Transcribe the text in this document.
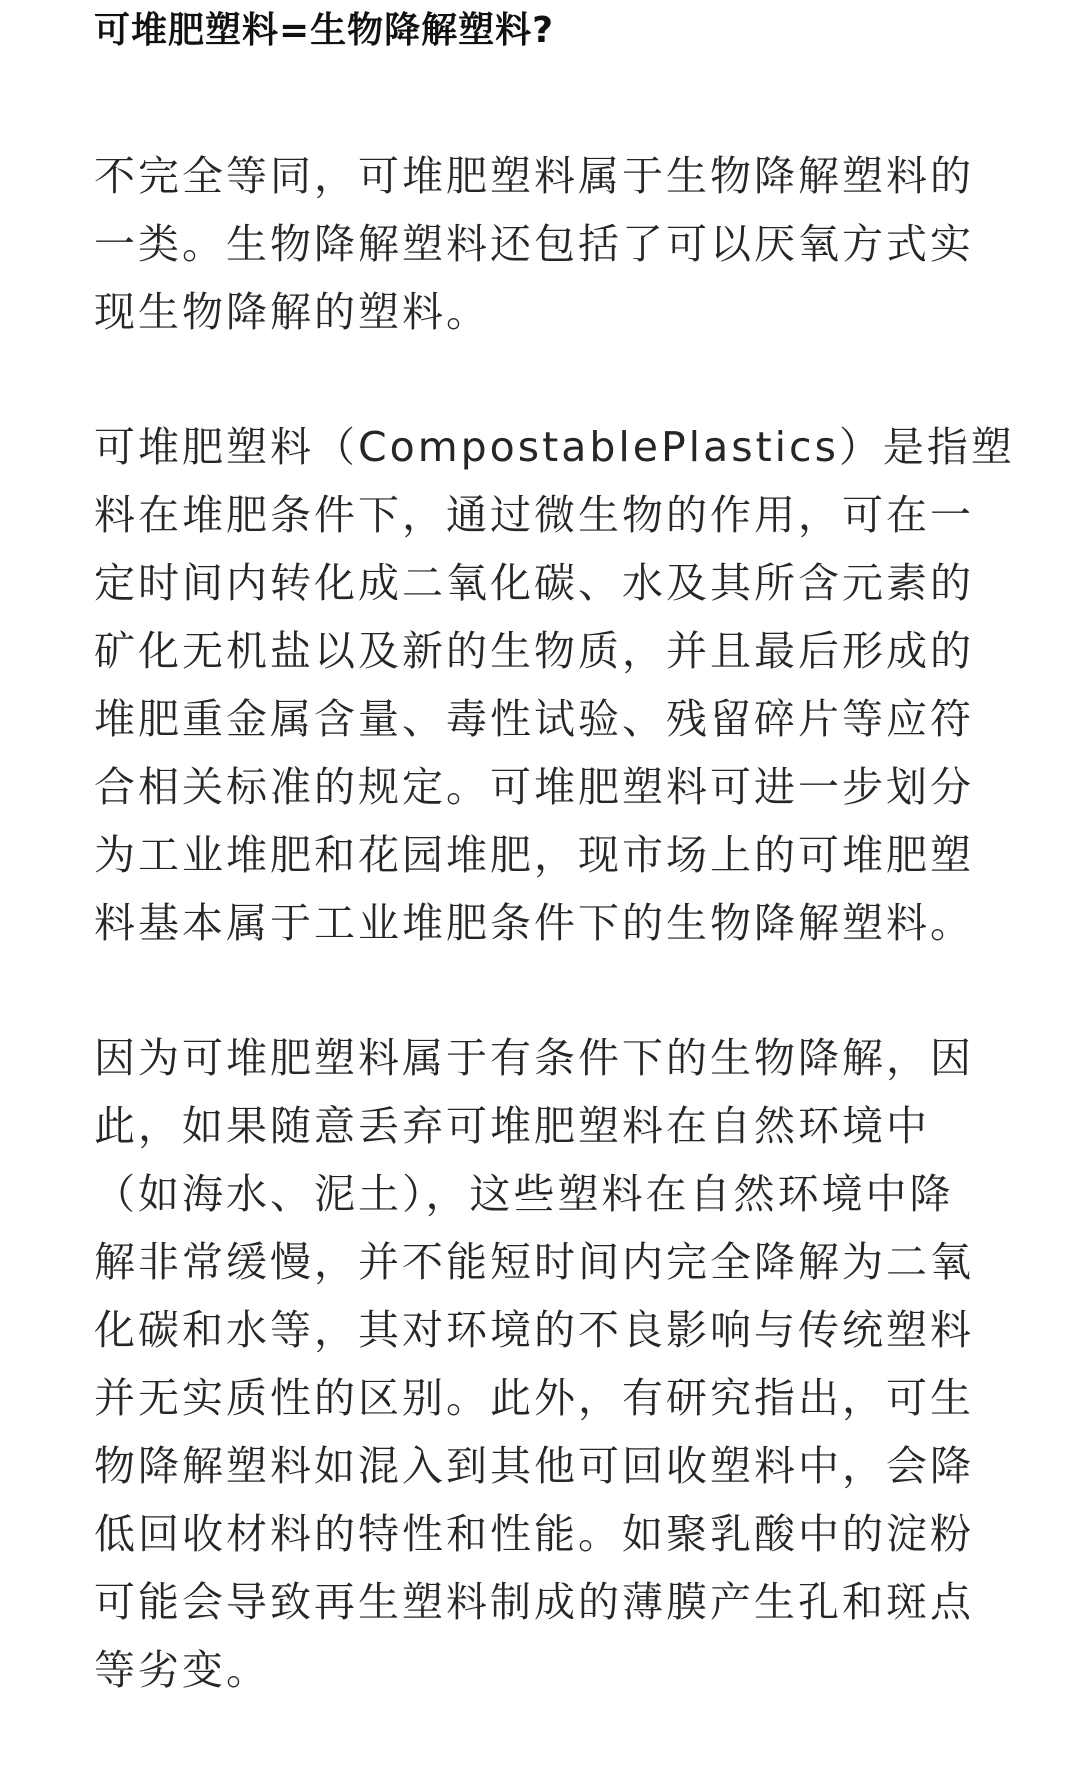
可堆肥塑料=生物降解塑料?

不完全等同，可堆肥塑料属于生物降解塑料的
一类。生物降解塑料还包括了可以厌氧方式实
现生物降解的塑料。

可堆肥塑料（CompostablePlastics）是指塑
料在堆肥条件下，通过微生物的作用，可在一
定时间内转化成二氧化碳、水及其所含元素的
矿化无机盐以及新的生物质，并且最后形成的
堆肥重金属含量、毒性试验、残留碎片等应符
合相关标准的规定。可堆肥塑料可进一步划分
为工业堆肥和花园堆肥，现市场上的可堆肥塑
料基本属于工业堆肥条件下的生物降解塑料。

因为可堆肥塑料属于有条件下的生物降解，因
此，如果随意丢弃可堆肥塑料在自然环境中
（如海水、泥土），这些塑料在自然环境中降
解非常缓慢，并不能短时间内完全降解为二氧
化碳和水等，其对环境的不良影响与传统塑料
并无实质性的区别。此外，有研究指出，可生
物降解塑料如混入到其他可回收塑料中，会降
低回收材料的特性和性能。如聚乳酸中的淀粉
可能会导致再生塑料制成的薄膜产生孔和斑点
等劣变。
